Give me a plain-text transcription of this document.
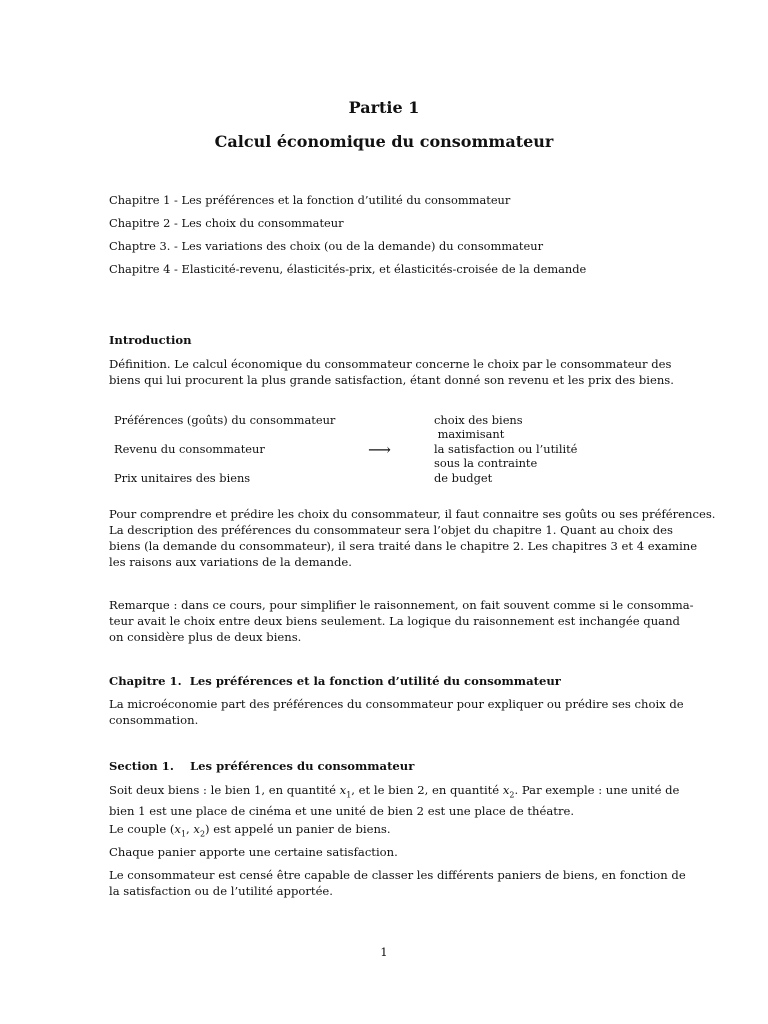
Partie 1
Calcul économique du consommateur
Chapitre 1 - Les préférences et la fonction d’utilité du consommateur
Chapitre 2 - Les choix du consommateur
Chaptre 3. - Les variations des choix (ou de la demande) du consommateur
Chapitre 4 - Elasticité-revenu, élasticités-prix, et élasticités-croisée de la demande
Introduction
Définition. Le calcul économique du consommateur concerne le choix par le consommateur des
biens qui lui procurent la plus grande satisfaction, étant donné son revenu et les prix des biens.
Préférences (goûts) du consommateur
Revenu du consommateur
Prix unitaires des biens
⟶
choix des biens
maximisant
la satisfaction ou l’utilité
sous la contrainte
de budget
Pour comprendre et prédire les choix du consommateur, il faut connaitre ses goûts ou ses préférences.
La description des préférences du consommateur sera l’objet du chapitre 1. Quant au choix des
biens (la demande du consommateur), il sera traité dans le chapitre 2. Les chapitres 3 et 4 examine
les raisons aux variations de la demande.
Remarque : dans ce cours, pour simplifier le raisonnement, on fait souvent comme si le consomma-
teur avait le choix entre deux biens seulement. La logique du raisonnement est inchangée quand
on considère plus de deux biens.
Chapitre 1.  Les préférences et la fonction d’utilité du consommateur
La microéconomie part des préférences du consommateur pour expliquer ou prédire ses choix de
consommation.
Section 1.    Les préférences du consommateur
Soit deux biens : le bien 1, en quantité $x_1$, et le bien 2, en quantité $x_2$. Par exemple : une unité de
bien 1 est une place de cinéma et une unité de bien 2 est une place de théatre.
Le couple ($x_1$, $x_2$) est appelé un panier de biens.
Chaque panier apporte une certaine satisfaction.
Le consommateur est censé être capable de classer les différents paniers de biens, en fonction de
la satisfaction ou de l’utilité apportée.
1
